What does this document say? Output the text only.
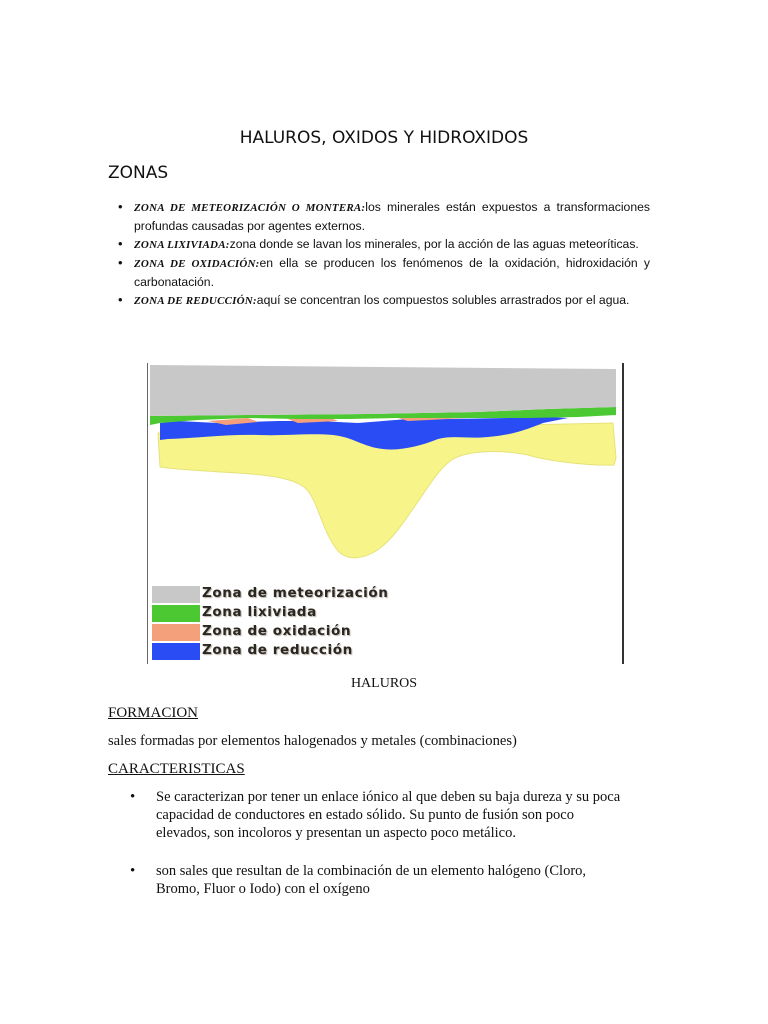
HALUROS, OXIDOS Y HIDROXIDOS
ZONAS
• ZONA DE METEORIZACIÓN O MONTERA:los minerales están expuestos a transformaciones profundas causadas por agentes externos.
• ZONA LIXIVIADA:zona donde se lavan los minerales, por la acción de las aguas meteoríticas.
• ZONA DE OXIDACIÓN:en ella se producen los fenómenos de la oxidación, hidroxidación y carbonatación.
• ZONA DE REDUCCIÓN:aquí se concentran los compuestos solubles arrastrados por el agua.
Zona de meteorización
Zona lixiviada
Zona de oxidación
Zona de reducción
HALUROS
FORMACION
sales formadas por elementos halogenados y metales (combinaciones)
CARACTERISTICAS
• Se caracterizan por tener un enlace iónico al que deben su baja dureza y su poca capacidad de conductores en estado sólido. Su punto de fusión son poco elevados, son incoloros y presentan un aspecto poco metálico.
• son sales que resultan de la combinación de un elemento halógeno (Cloro, Bromo, Fluor o Iodo) con el oxígeno
